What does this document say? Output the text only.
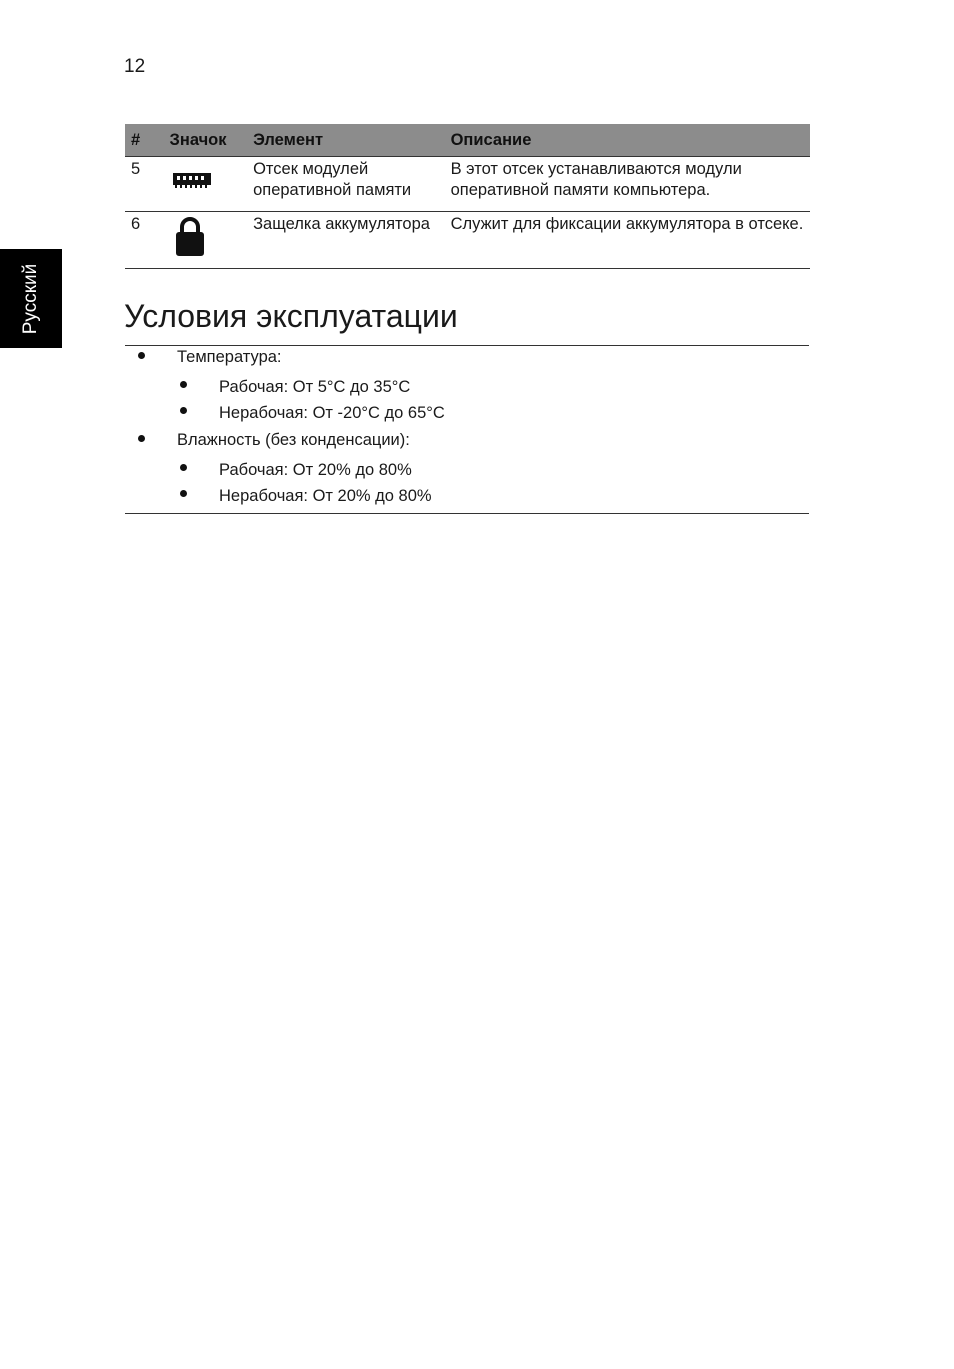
12
Русский
#	Значок	Элемент	Описание
5		Отсек модулей оперативной памяти	В этот отсек устанавливаются модули оперативной памяти компьютера.
6		Защелка аккумулятора	Служит для фиксации аккумулятора в отсеке.
Условия эксплуатации
Температура:
Рабочая: От 5°C до 35°C
Нерабочая: От -20°C до 65°C
Влажность (без конденсации):
Рабочая: От 20% до 80%
Нерабочая: От 20% до 80%
